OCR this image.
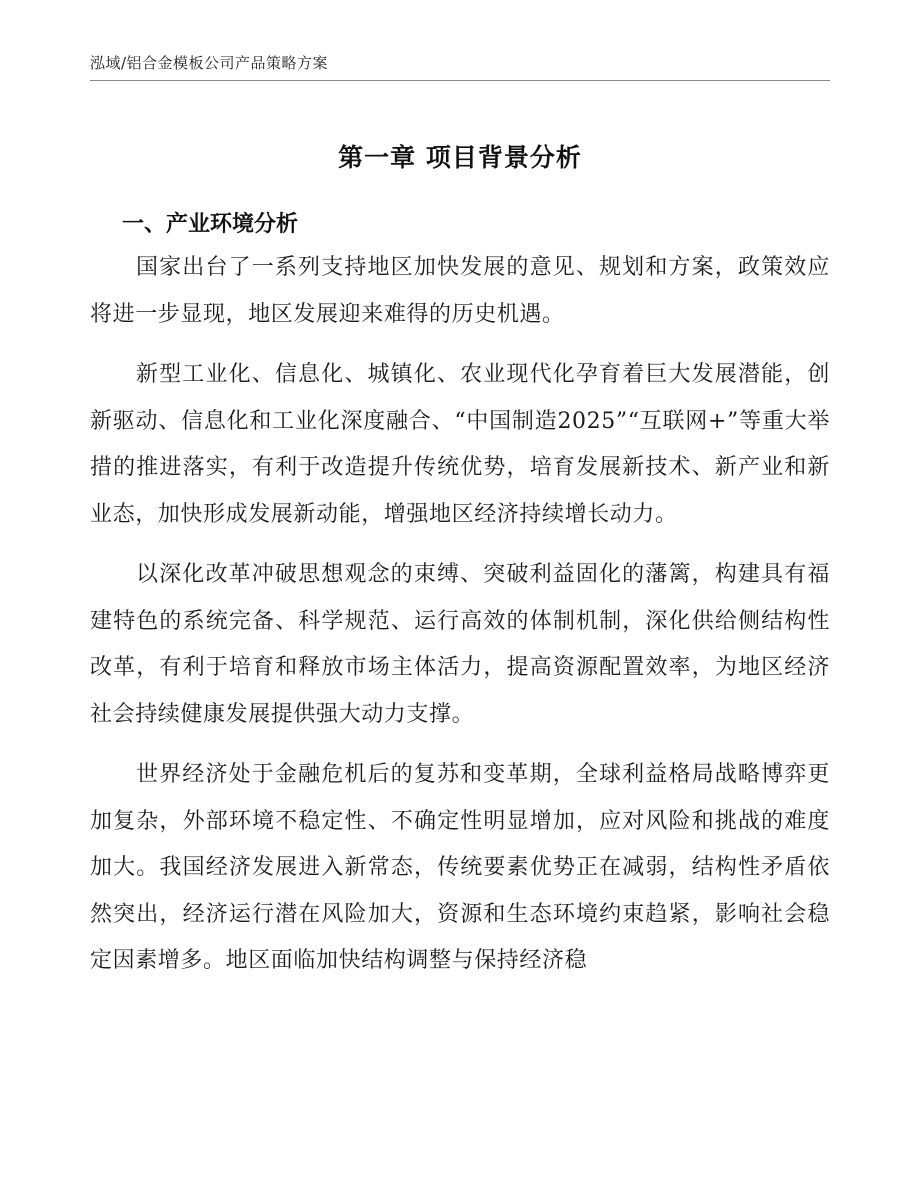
泓域/铝合金模板公司产品策略方案
第一章 项目背景分析
一、产业环境分析

国家出台了一系列支持地区加快发展的意见、规划和方案，政策效应将进一步显现，地区发展迎来难得的历史机遇。

新型工业化、信息化、城镇化、农业现代化孕育着巨大发展潜能，创新驱动、信息化和工业化深度融合、“中国制造2025”“互联网+”等重大举措的推进落实，有利于改造提升传统优势，培育发展新技术、新产业和新业态，加快形成发展新动能，增强地区经济持续增长动力。

以深化改革冲破思想观念的束缚、突破利益固化的藩篱，构建具有福建特色的系统完备、科学规范、运行高效的体制机制，深化供给侧结构性改革，有利于培育和释放市场主体活力，提高资源配置效率，为地区经济社会持续健康发展提供强大动力支撑。

世界经济处于金融危机后的复苏和变革期，全球利益格局战略博弈更加复杂，外部环境不稳定性、不确定性明显增加，应对风险和挑战的难度加大。我国经济发展进入新常态，传统要素优势正在减弱，结构性矛盾依然突出，经济运行潜在风险加大，资源和生态环境约束趋紧，影响社会稳定因素增多。地区面临加快结构调整与保持经济稳
